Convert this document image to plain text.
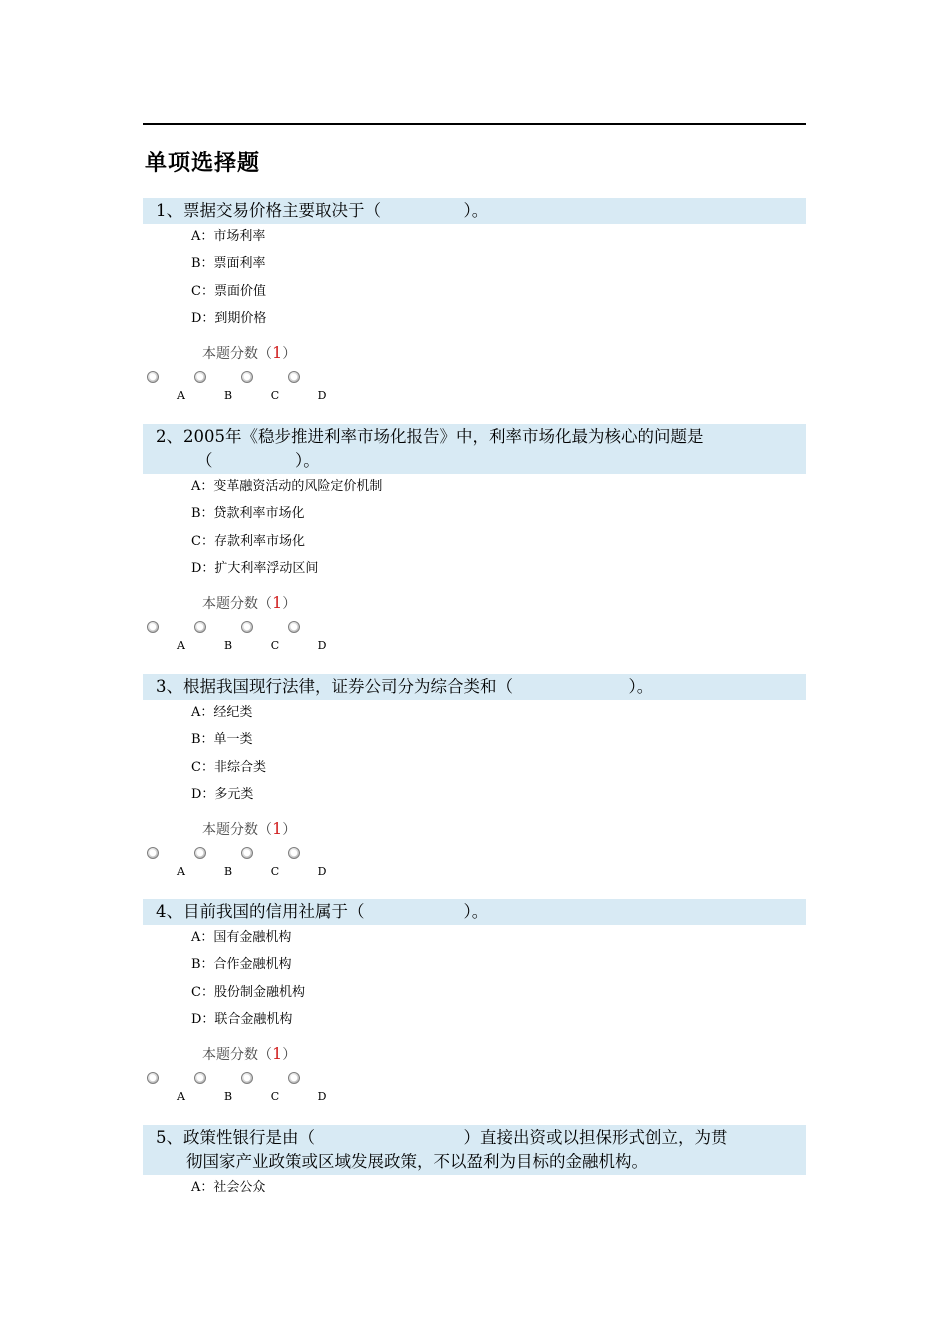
单项选择题
1、票据交易价格主要取决于（　　　　　）。
A：市场利率
B：票面利率
C：票面价值
D：到期价格
本题分数（1）
A	B	C	D
2、2005年《稳步推进利率市场化报告》中，利率市场化最为核心的问题是
（　　　　　）。
A：变革融资活动的风险定价机制
B：贷款利率市场化
C：存款利率市场化
D：扩大利率浮动区间
本题分数（1）
A	B	C	D
3、根据我国现行法律，证券公司分为综合类和（　　　　　　　）。
A：经纪类
B：单一类
C：非综合类
D：多元类
本题分数（1）
A	B	C	D
4、目前我国的信用社属于（　　　　　　）。
A：国有金融机构
B：合作金融机构
C：股份制金融机构
D：联合金融机构
本题分数（1）
A	B	C	D
5、政策性银行是由（　　　　　　　　　）直接出资或以担保形式创立，为贯
彻国家产业政策或区域发展政策，不以盈利为目标的金融机构。
A：社会公众
